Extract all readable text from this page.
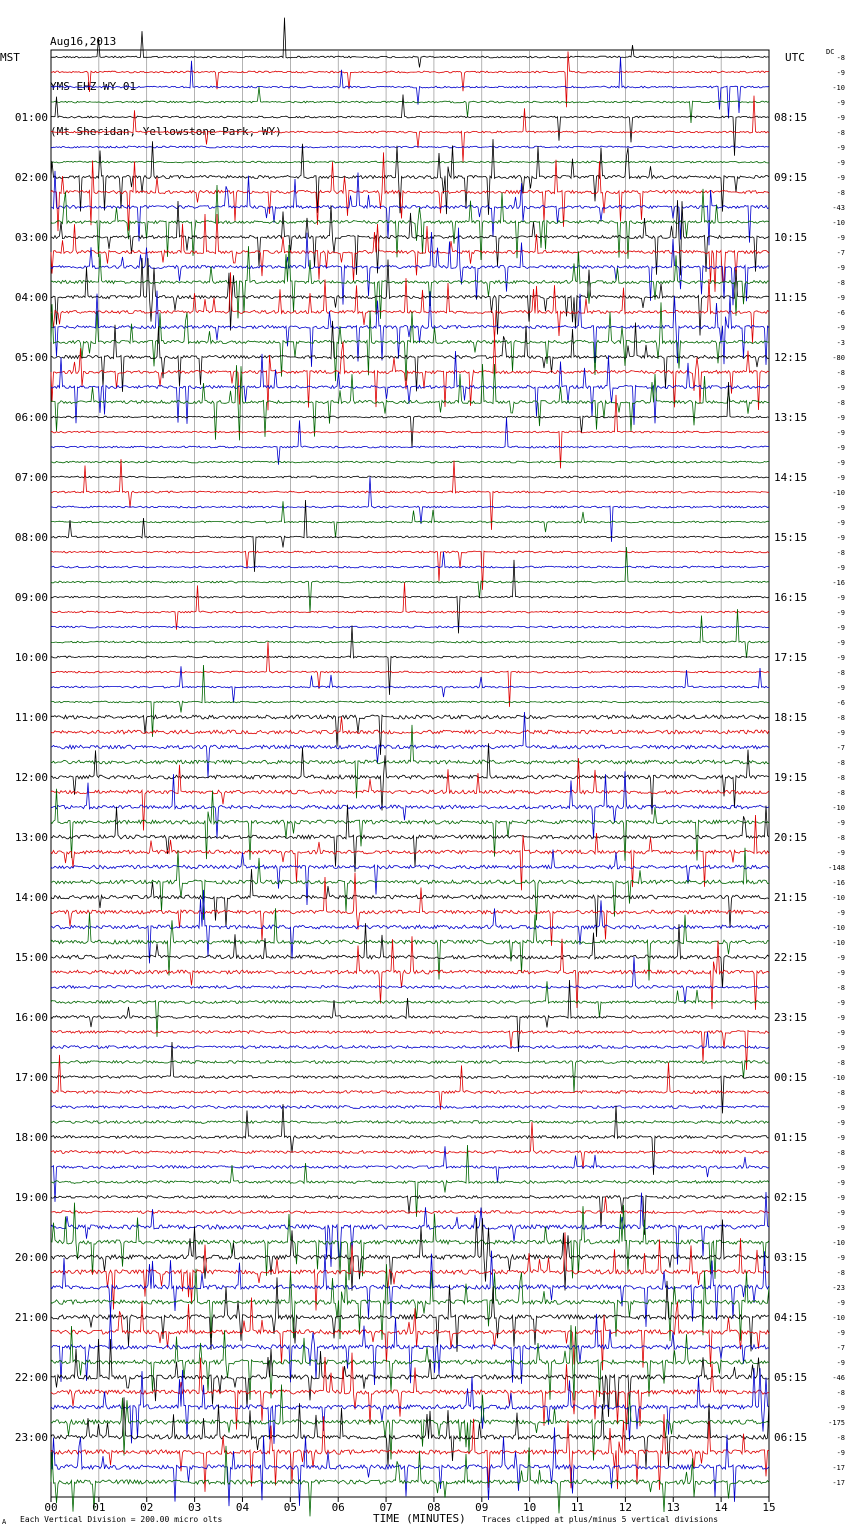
Aug16,2013

YMS EHZ WY 01

(Mt Sheridan, Yellowstone Park, WY)

MST	UTC	DC
-8
-9
-10
-9
-9
-8
-9
-9
-9
-8
-43
-10
-9
-7
-9
-8
-9
-6
-9
-3
-80
-8
-9
-8
-9
-9
-9
-9
-9
-10
-9
-9
-9
-8
-9
-16
-9
-9
-9
-9
-9
-8
-9
-6
-8
-9
-7
-8
-8
-8
-10
-9
-8
-9
-148
-16
-10
-9
-10
-10
-9
-9
-8
-9
-9
-9
-9
-8
-10
-8
-9
-9
-9
-8
-9
-9
-9
-9
-9
-10
-9
-8
-23
-9
-10
-9
-7
-9
-46
-8
-9
-175
-8
-9
-17
-17
01:00
02:00
03:00
04:00
05:00
06:00
07:00
08:00
09:00
10:00
11:00
12:00
13:00
14:00
15:00
16:00
17:00
18:00
19:00
20:00
21:00
22:00
23:00
08:15
09:15
10:15
11:15
12:15
13:15
14:15
15:15
16:15
17:15
18:15
19:15
20:15
21:15
22:15
23:15
00:15
01:15
02:15
03:15
04:15
05:15
06:15
00	01	02	03	04	05	06	07	08	09	10	11	12	13	14	15
TIME (MINUTES)
A Each Vertical Division = 200.00 micro olts	Traces clipped at plus/minus 5 vertical divisions
